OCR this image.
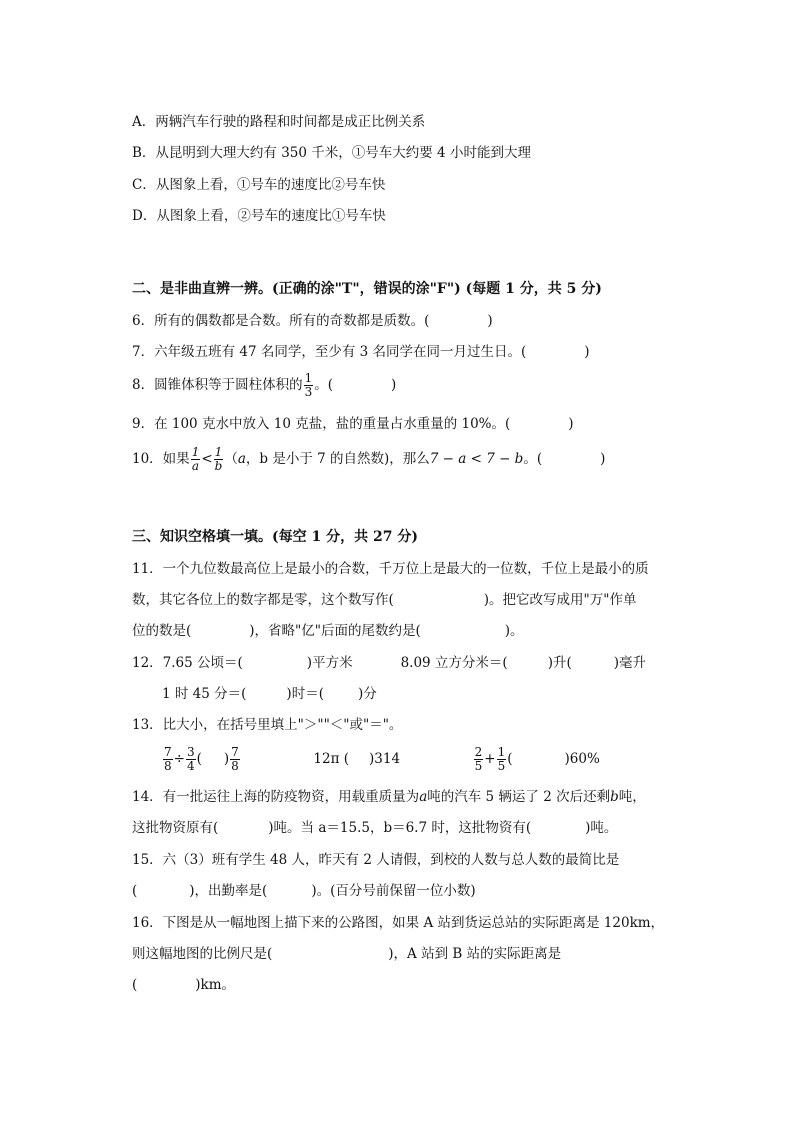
A．两辆汽车行驶的路程和时间都是成正比例关系
B．从昆明到大理大约有 350 千米，①号车大约要 4 小时能到大理
C．从图象上看，①号车的速度比②号车快
D．从图象上看，②号车的速度比①号车快
二、是非曲直辨一辨。(正确的涂"T"，错误的涂"F") (每题 1 分，共 5 分)
6．所有的偶数都是合数。所有的奇数都是质数。(	)
7．六年级五班有 47 名同学，至少有 3 名同学在同一月过生日。(	)
8．圆锥体积等于圆柱体积的 $\frac{1}{3}$ 。(	)
9．在 100 克水中放入 10 克盐，盐的重量占水重量的 10%。(	)
10．如果 $\frac{1}{a} < \frac{1}{b} (a$，b 是小于 7 的自然数)，那么7 − a < 7 − b。(	)
三、知识空格填一填。(每空 1 分，共 27 分)
11．一个九位数最高位上是最小的合数，千万位上是最大的一位数，千位上是最小的质
数，其它各位上的数字都是零，这个数写作(	)。把它改写成用"万"作单
位的数是(	)，省略"亿"后面的尾数约是(	)。
12．7.65 公顷＝(	)平方米	8.09 立方分米＝(	)升(	)毫升
1 时 45 分＝(	)时＝(	)分
13．比大小，在括号里填上"＞""＜"或"＝"。
$\frac{7}{8} \div \frac{3}{4}$ ( ) $\frac{7}{8}$	12π ( )314	$\frac{2}{5} + \frac{1}{5}$ (	)60%
14．有一批运往上海的防疫物资，用载重质量为a吨的汽车 5 辆运了 2 次后还剩b吨，
这批物资原有(	)吨。当 a＝15.5，b＝6.7 时，这批物资有(	)吨。
15．六（3）班有学生 48 人，昨天有 2 人请假，到校的人数与总人数的最简比是
(	)，出勤率是(	)。(百分号前保留一位小数)
16．下图是从一幅地图上描下来的公路图，如果 A 站到货运总站的实际距离是 120km，
则这幅地图的比例尺是(	)，A 站到 B 站的实际距离是
(	)km。
